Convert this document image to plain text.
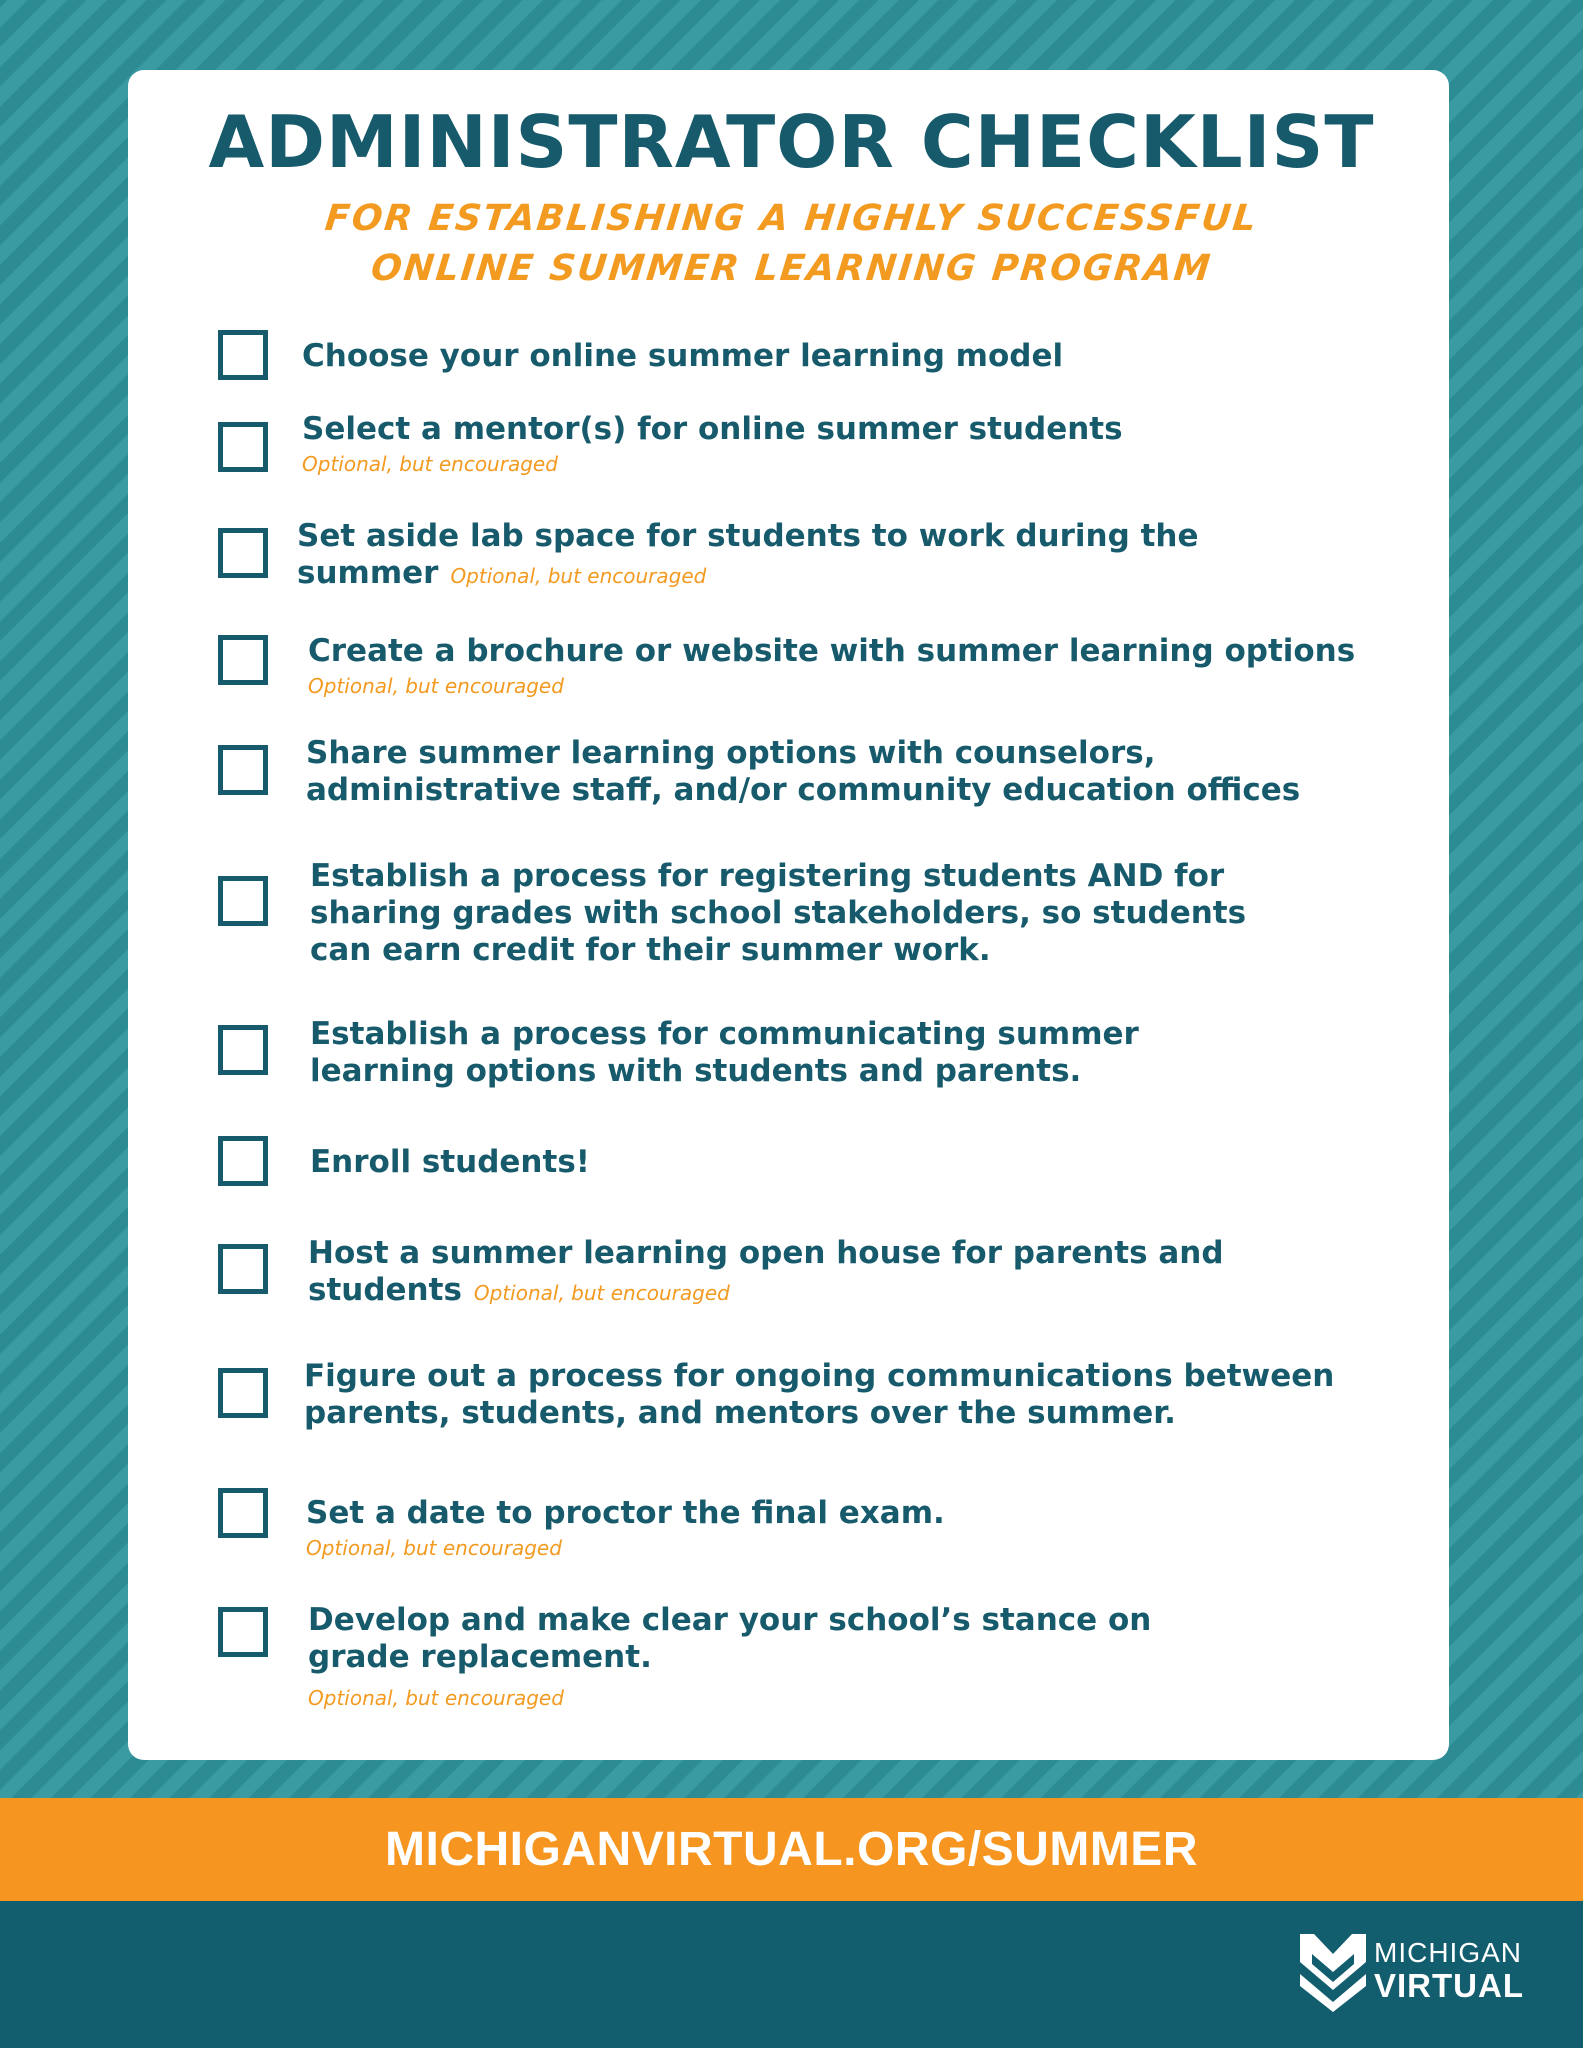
ADMINISTRATOR CHECKLIST
FOR ESTABLISHING A HIGHLY SUCCESSFUL
ONLINE SUMMER LEARNING PROGRAM
Choose your online summer learning model
Select a mentor(s) for online summer students
Optional, but encouraged
Set aside lab space for students to work during the
summer Optional, but encouraged
Create a brochure or website with summer learning options
Optional, but encouraged
Share summer learning options with counselors,
administrative staff, and/or community education offices
Establish a process for registering students AND for
sharing grades with school stakeholders, so students
can earn credit for their summer work.
Establish a process for communicating summer
learning options with students and parents.
Enroll students!
Host a summer learning open house for parents and
students Optional, but encouraged
Figure out a process for ongoing communications between
parents, students, and mentors over the summer.
Set a date to proctor the final exam.
Optional, but encouraged
Develop and make clear your school’s stance on
grade replacement.
Optional, but encouraged
MICHIGANVIRTUAL.ORG/SUMMER
MICHIGAN
VIRTUAL
